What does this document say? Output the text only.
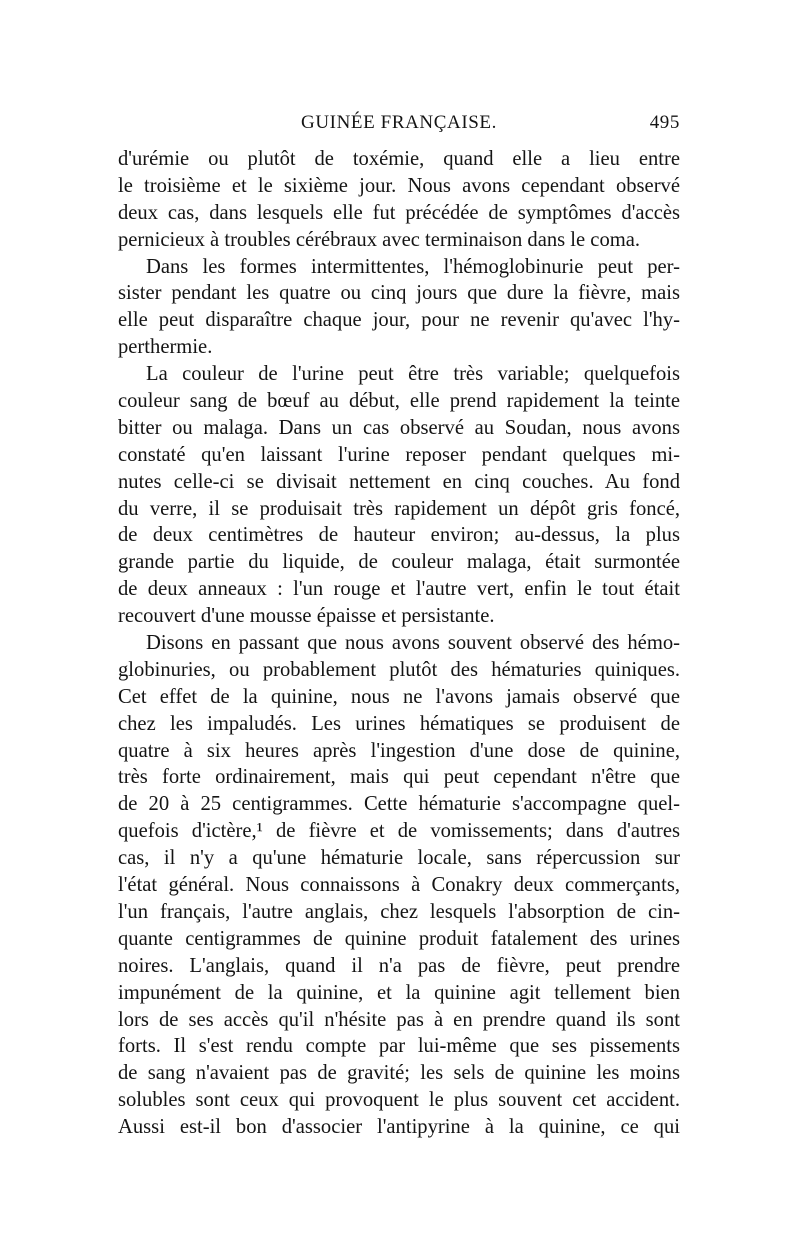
GUINÉE FRANÇAISE.	495
d'urémie ou plutôt de toxémie, quand elle a lieu entre
le troisième et le sixième jour. Nous avons cependant observé
deux cas, dans lesquels elle fut précédée de symptômes d'accès
pernicieux à troubles cérébraux avec terminaison dans le coma.
Dans les formes intermittentes, l'hémoglobinurie peut per-
sister pendant les quatre ou cinq jours que dure la fièvre, mais
elle peut disparaître chaque jour, pour ne revenir qu'avec l'hy-
perthermie.
La couleur de l'urine peut être très variable; quelquefois
couleur sang de bœuf au début, elle prend rapidement la teinte
bitter ou malaga. Dans un cas observé au Soudan, nous avons
constaté qu'en laissant l'urine reposer pendant quelques mi-
nutes celle-ci se divisait nettement en cinq couches. Au fond
du verre, il se produisait très rapidement un dépôt gris foncé,
de deux centimètres de hauteur environ; au-dessus, la plus
grande partie du liquide, de couleur malaga, était surmontée
de deux anneaux : l'un rouge et l'autre vert, enfin le tout était
recouvert d'une mousse épaisse et persistante.
Disons en passant que nous avons souvent observé des hémo-
globinuries, ou probablement plutôt des hématuries quiniques.
Cet effet de la quinine, nous ne l'avons jamais observé que
chez les impaludés. Les urines hématiques se produisent de
quatre à six heures après l'ingestion d'une dose de quinine,
très forte ordinairement, mais qui peut cependant n'être que
de 20 à 25 centigrammes. Cette hématurie s'accompagne quel-
quefois d'ictère,¹ de fièvre et de vomissements; dans d'autres
cas, il n'y a qu'une hématurie locale, sans répercussion sur
l'état général. Nous connaissons à Conakry deux commerçants,
l'un français, l'autre anglais, chez lesquels l'absorption de cin-
quante centigrammes de quinine produit fatalement des urines
noires. L'anglais, quand il n'a pas de fièvre, peut prendre
impunément de la quinine, et la quinine agit tellement bien
lors de ses accès qu'il n'hésite pas à en prendre quand ils sont
forts. Il s'est rendu compte par lui-même que ses pissements
de sang n'avaient pas de gravité; les sels de quinine les moins
solubles sont ceux qui provoquent le plus souvent cet accident.
Aussi est-il bon d'associer l'antipyrine à la quinine, ce qui
